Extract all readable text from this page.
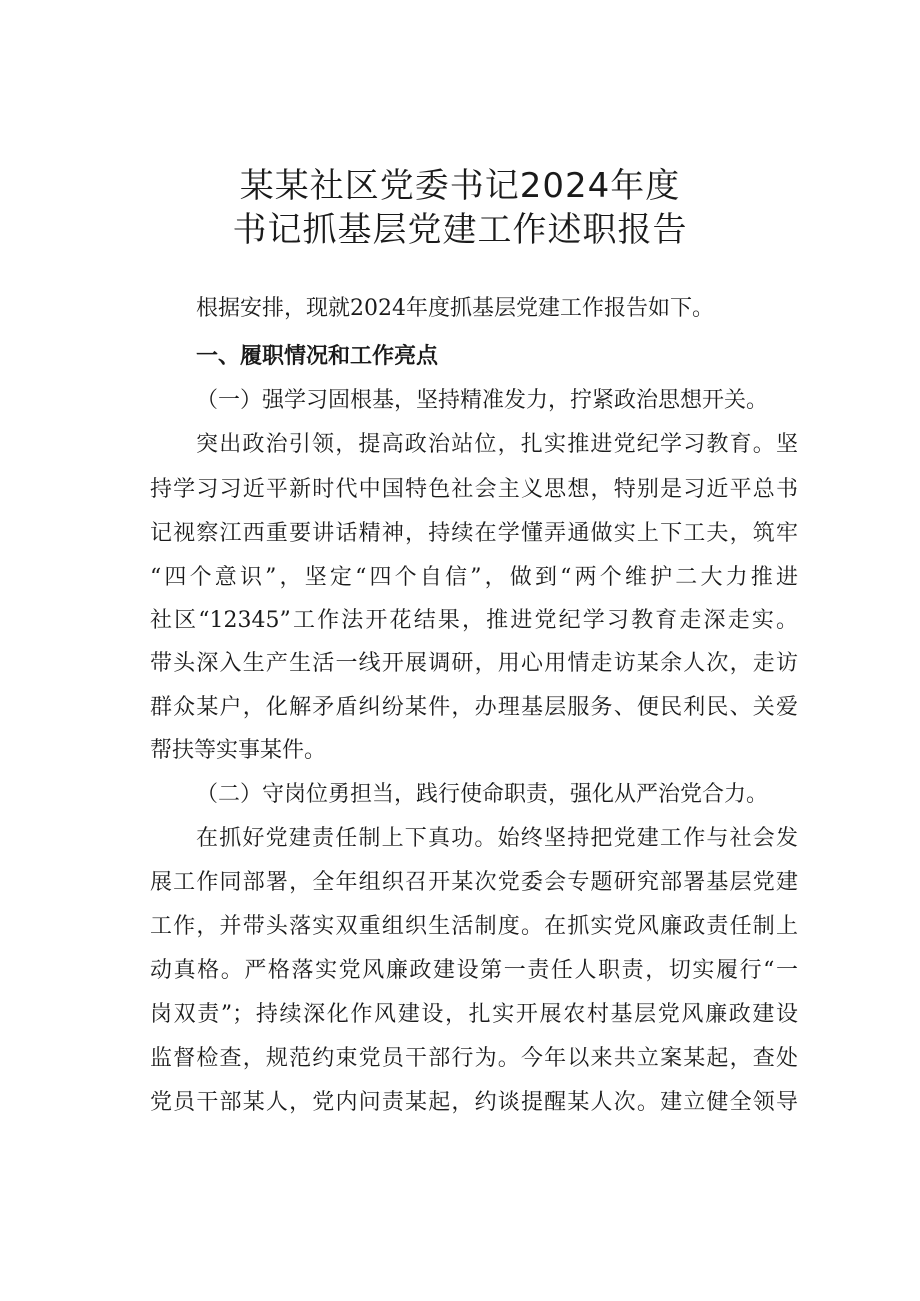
某某社区党委书记2024年度
书记抓基层党建工作述职报告
根据安排，现就2024年度抓基层党建工作报告如下。
一、履职情况和工作亮点
（一）强学习固根基，坚持精准发力，拧紧政治思想开关。
突出政治引领，提高政治站位，扎实推进党纪学习教育。坚
持学习习近平新时代中国特色社会主义思想，特别是习近平总书
记视察江西重要讲话精神，持续在学懂弄通做实上下工夫，筑牢
“四个意识”，坚定“四个自信”，做到“两个维护二大力推进
社区“12345”工作法开花结果，推进党纪学习教育走深走实。
带头深入生产生活一线开展调研，用心用情走访某余人次，走访
群众某户，化解矛盾纠纷某件，办理基层服务、便民利民、关爱
帮扶等实事某件。
（二）守岗位勇担当，践行使命职责，强化从严治党合力。
在抓好党建责任制上下真功。始终坚持把党建工作与社会发
展工作同部署，全年组织召开某次党委会专题研究部署基层党建
工作，并带头落实双重组织生活制度。在抓实党风廉政责任制上
动真格。严格落实党风廉政建设第一责任人职责，切实履行“一
岗双责”；持续深化作风建设，扎实开展农村基层党风廉政建设
监督检查，规范约束党员干部行为。今年以来共立案某起，查处
党员干部某人，党内问责某起，约谈提醒某人次。建立健全领导
